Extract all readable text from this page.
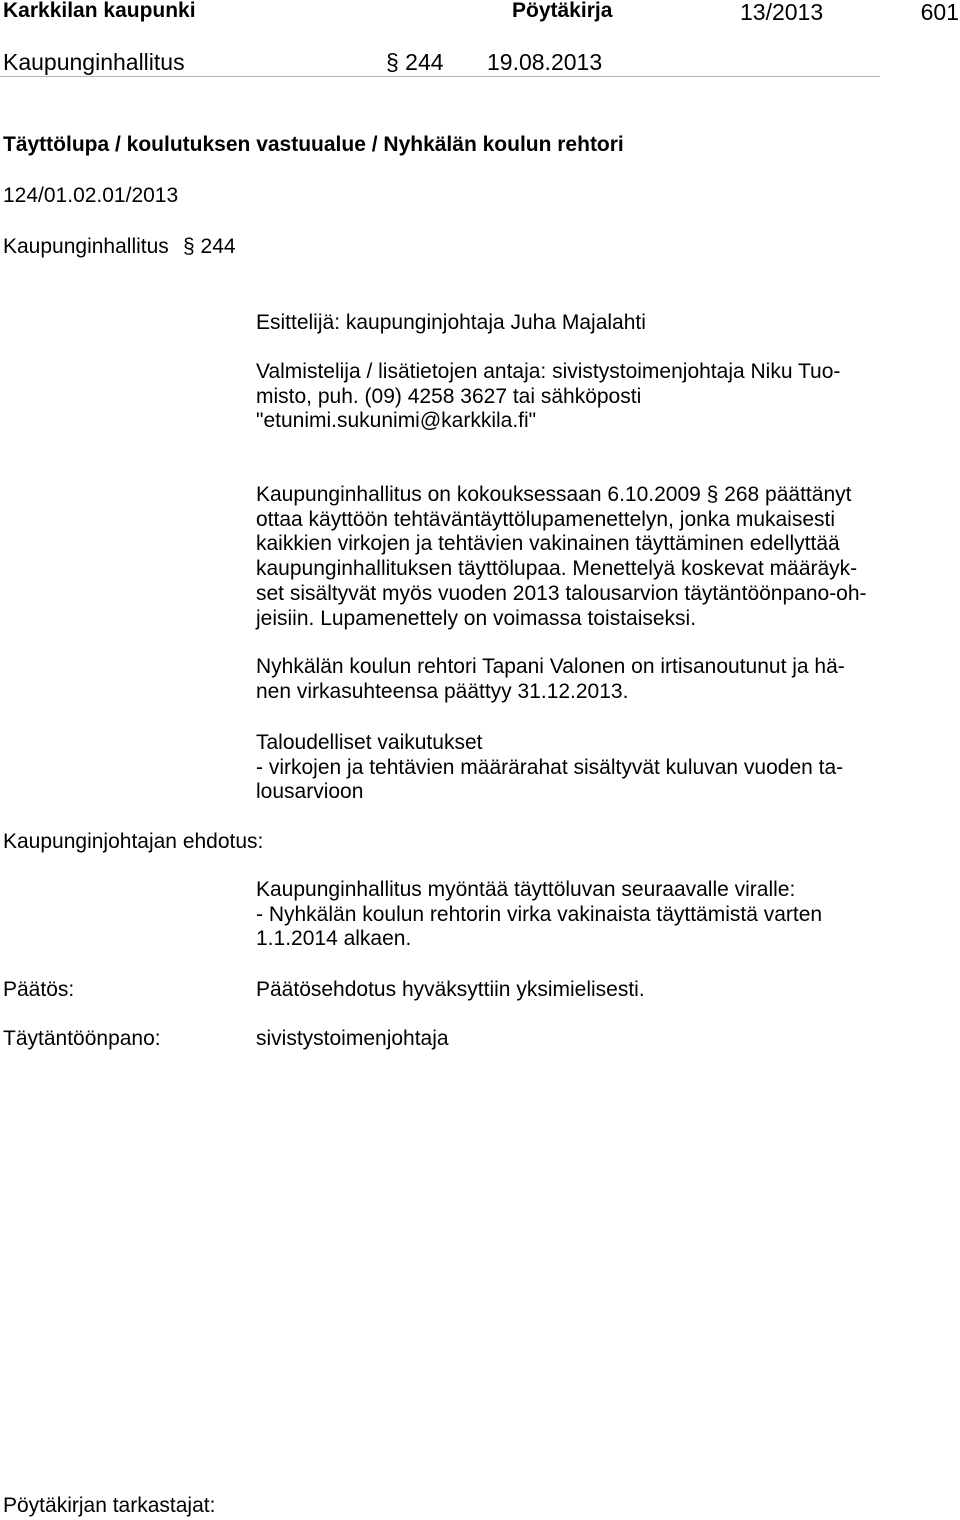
Karkkilan kaupunki	Pöytäkirja	13/2013	601
Kaupunginhallitus	§ 244 19.08.2013
Täyttölupa / koulutuksen vastuualue / Nyhkälän koulun rehtori
124/01.02.01/2013
Kaupunginhallitus § 244
Esittelijä: kaupunginjohtaja Juha Majalahti
Valmistelija / lisätietojen antaja: sivistystoimenjohtaja Niku Tuo-
misto, puh. (09) 4258 3627 tai sähköposti
"etunimi.sukunimi@karkkila.fi"
Kaupunginhallitus on kokouksessaan 6.10.2009 § 268 päättänyt
ottaa käyttöön tehtäväntäyttölupamenettelyn, jonka mukaisesti
kaikkien virkojen ja tehtävien vakinainen täyttäminen edellyttää
kaupunginhallituksen täyttölupaa. Menettelyä koskevat määräyk-
set sisältyvät myös vuoden 2013 talousarvion täytäntöönpano-oh-
jeisiin. Lupamenettely on voimassa toistaiseksi.
Nyhkälän koulun rehtori Tapani Valonen on irtisanoutunut ja hä-
nen virkasuhteensa päättyy 31.12.2013.
Taloudelliset vaikutukset
- virkojen ja tehtävien määrärahat sisältyvät kuluvan vuoden ta-
lousarvioon
Kaupunginjohtajan ehdotus:
Kaupunginhallitus myöntää täyttöluvan seuraavalle viralle:
- Nyhkälän koulun rehtorin virka vakinaista täyttämistä varten
1.1.2014 alkaen.
Päätös:	Päätösehdotus hyväksyttiin yksimielisesti.
Täytäntöönpano:	sivistystoimenjohtaja
Pöytäkirjan tarkastajat:
